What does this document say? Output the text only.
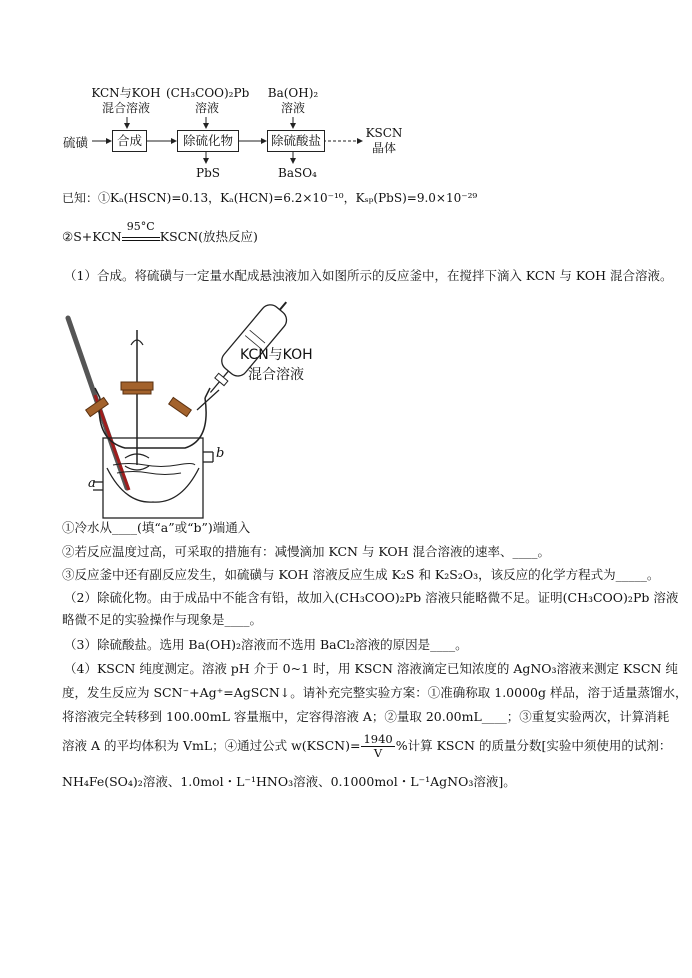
KCN与KOH
混合溶液
(CH₃COO)₂Pb
溶液
Ba(OH)₂
溶液
硫磺	合成	除硫化物	除硫酸盐	KSCN
晶体
PbS	BaSO₄
已知：①Kₐ(HSCN)=0.13，Kₐ(HCN)=6.2×10⁻¹⁰，Kₛₚ(PbS)=9.0×10⁻²⁹
②S+KCN
95°C
KSCN(放热反应)
（1）合成。将硫磺与一定量水配成悬浊液加入如图所示的反应釜中，在搅拌下滴入 KCN 与 KOH 混合溶液。
KCN与KOH
混合溶液
a
b
①冷水从____(填“a”或“b”)端通入
②若反应温度过高，可采取的措施有：减慢滴加 KCN 与 KOH 混合溶液的速率、____。
③反应釜中还有副反应发生，如硫磺与 KOH 溶液反应生成 K₂S 和 K₂S₂O₃，该反应的化学方程式为_____。
（2）除硫化物。由于成品中不能含有铅，故加入(CH₃COO)₂Pb 溶液只能略微不足。证明(CH₃COO)₂Pb 溶液
略微不足的实验操作与现象是____。
（3）除硫酸盐。选用 Ba(OH)₂溶液而不选用 BaCl₂溶液的原因是____。
（4）KSCN 纯度测定。溶液 pH 介于 0~1 时，用 KSCN 溶液滴定已知浓度的 AgNO₃溶液来测定 KSCN 纯
度，发生反应为 SCN⁻+Ag⁺=AgSCN↓。请补充完整实验方案：①准确称取 1.0000g 样品，溶于适量蒸馏水，
将溶液完全转移到 100.00mL 容量瓶中，定容得溶液 A；②量取 20.00mL____；③重复实验两次，计算消耗
溶液 A 的平均体积为 VmL；④通过公式 w(KSCN)= $\frac{1940}{V}$ %计算 KSCN 的质量分数[实验中须使用的试剂：
NH₄Fe(SO₄)₂溶液、1.0mol・L⁻¹HNO₃溶液、0.1000mol・L⁻¹AgNO₃溶液]。
